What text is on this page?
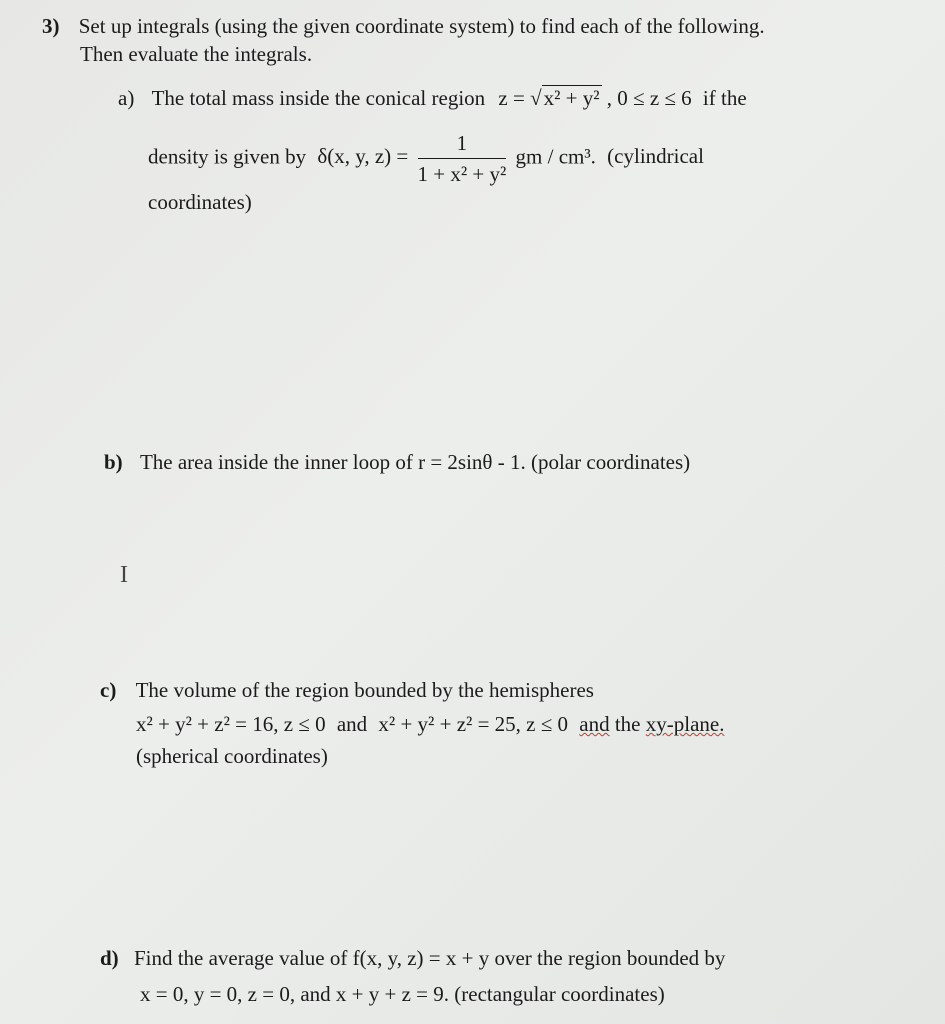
3) Set up integrals (using the given coordinate system) to find each of the following.
Then evaluate the integrals.
a) The total mass inside the conical region z = √x² + y² , 0 ≤ z ≤ 6 if the
density is given by δ(x, y, $z) = \frac{1}{\text{1 + x² + y²}}$ gm / cm³. (cylindrical
coordinates)
b) The area inside the inner loop of r = 2sinθ - 1. (polar coordinates)
I
c) The volume of the region bounded by the hemispheres
x² + y² + z² = 16, z ≤ 0 and x² + y² + z² = 25, z ≤ 0 and the xy-plane.
(spherical coordinates)
d) Find the average value of f(x, y, z) = x + y over the region bounded by
x = 0, y = 0, z = 0, and x + y + z = 9. (rectangular coordinates)
